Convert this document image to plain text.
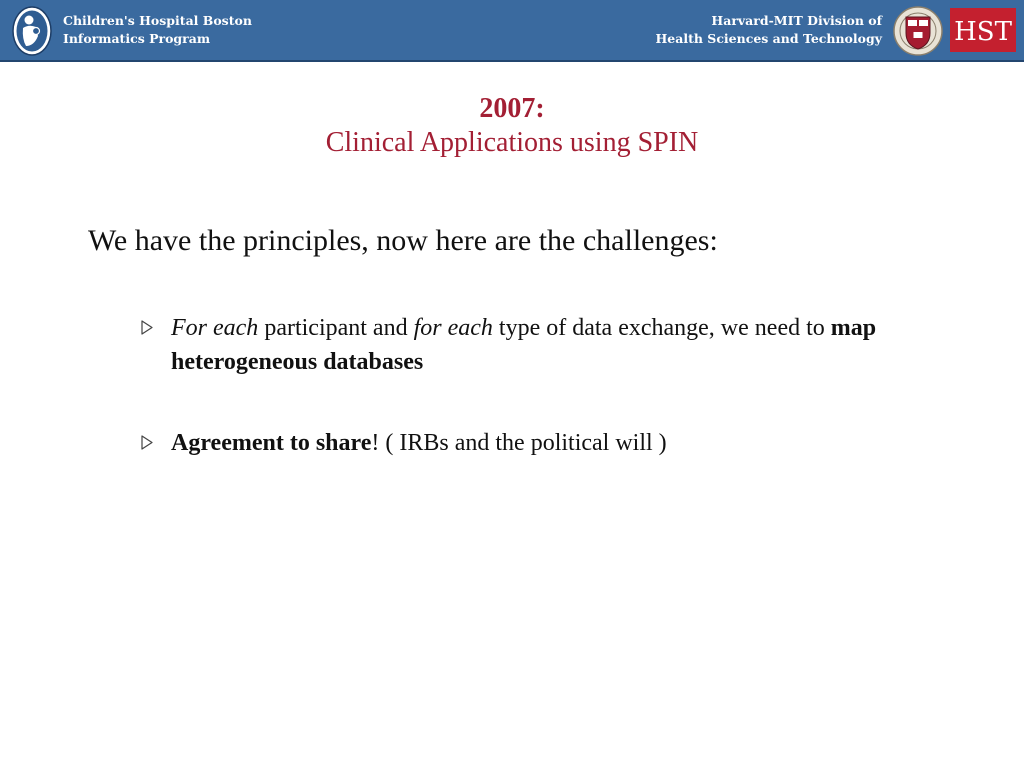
Children's Hospital Boston
Informatics Program
Harvard-MIT Division of
Health Sciences and Technology	HST
2007:
Clinical Applications using SPIN
We have the principles, now here are the challenges:
For each participant and for each type of data exchange, we need to map heterogeneous databases
Agreement to share! ( IRBs and the political will )
